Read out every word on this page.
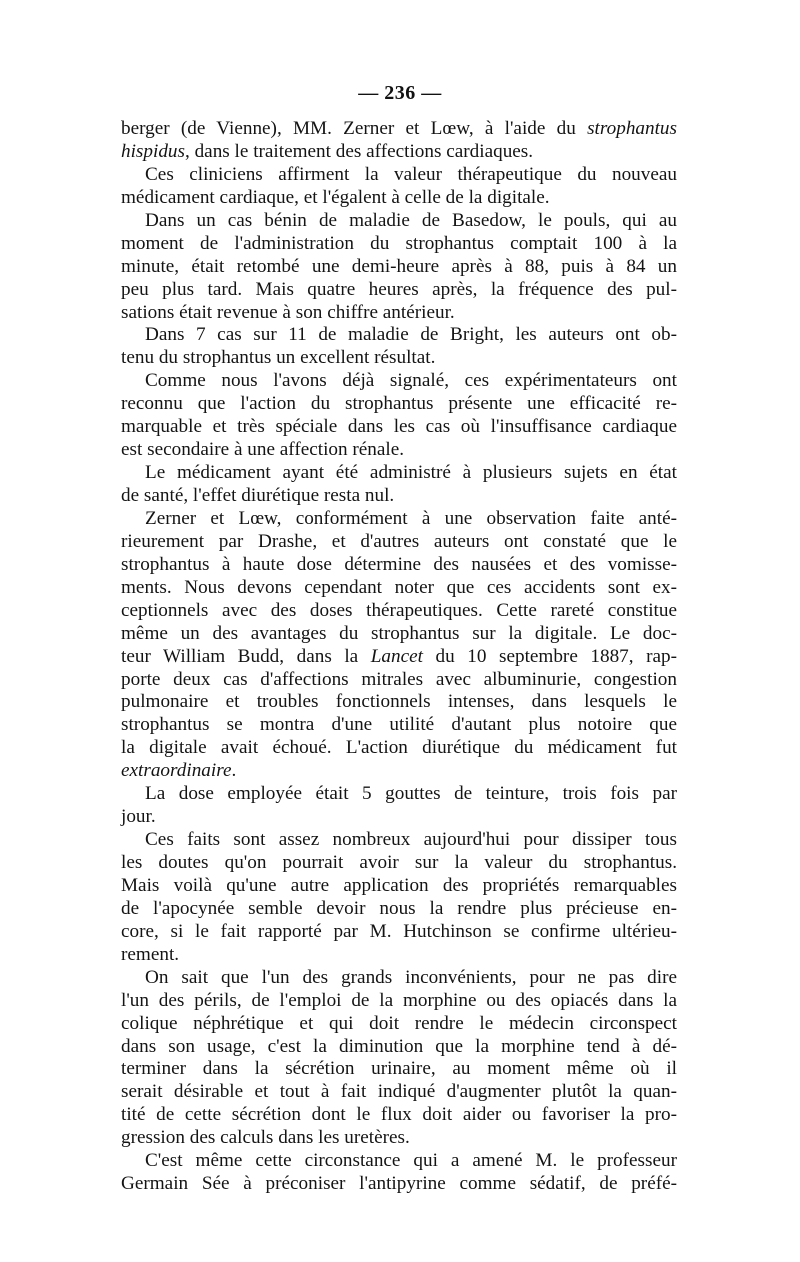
— 236 —
berger (de Vienne), MM. Zerner et Lœw, à l'aide du strophantus
hispidus, dans le traitement des affections cardiaques.
Ces cliniciens affirment la valeur thérapeutique du nouveau
médicament cardiaque, et l'égalent à celle de la digitale.
Dans un cas bénin de maladie de Basedow, le pouls, qui au
moment de l'administration du strophantus comptait 100 à la
minute, était retombé une demi-heure après à 88, puis à 84 un
peu plus tard. Mais quatre heures après, la fréquence des pul-
sations était revenue à son chiffre antérieur.
Dans 7 cas sur 11 de maladie de Bright, les auteurs ont ob-
tenu du strophantus un excellent résultat.
Comme nous l'avons déjà signalé, ces expérimentateurs ont
reconnu que l'action du strophantus présente une efficacité re-
marquable et très spéciale dans les cas où l'insuffisance cardiaque
est secondaire à une affection rénale.
Le médicament ayant été administré à plusieurs sujets en état
de santé, l'effet diurétique resta nul.
Zerner et Lœw, conformément à une observation faite anté-
rieurement par Drashe, et d'autres auteurs ont constaté que le
strophantus à haute dose détermine des nausées et des vomisse-
ments. Nous devons cependant noter que ces accidents sont ex-
ceptionnels avec des doses thérapeutiques. Cette rareté constitue
même un des avantages du strophantus sur la digitale. Le doc-
teur William Budd, dans la Lancet du 10 septembre 1887, rap-
porte deux cas d'affections mitrales avec albuminurie, congestion
pulmonaire et troubles fonctionnels intenses, dans lesquels le
strophantus se montra d'une utilité d'autant plus notoire que
la digitale avait échoué. L'action diurétique du médicament fut
extraordinaire.
La dose employée était 5 gouttes de teinture, trois fois par
jour.
Ces faits sont assez nombreux aujourd'hui pour dissiper tous
les doutes qu'on pourrait avoir sur la valeur du strophantus.
Mais voilà qu'une autre application des propriétés remarquables
de l'apocynée semble devoir nous la rendre plus précieuse en-
core, si le fait rapporté par M. Hutchinson se confirme ultérieu-
rement.
On sait que l'un des grands inconvénients, pour ne pas dire
l'un des périls, de l'emploi de la morphine ou des opiacés dans la
colique néphrétique et qui doit rendre le médecin circonspect
dans son usage, c'est la diminution que la morphine tend à dé-
terminer dans la sécrétion urinaire, au moment même où il
serait désirable et tout à fait indiqué d'augmenter plutôt la quan-
tité de cette sécrétion dont le flux doit aider ou favoriser la pro-
gression des calculs dans les uretères.
C'est même cette circonstance qui a amené M. le professeur
Germain Sée à préconiser l'antipyrine comme sédatif, de préfé-
